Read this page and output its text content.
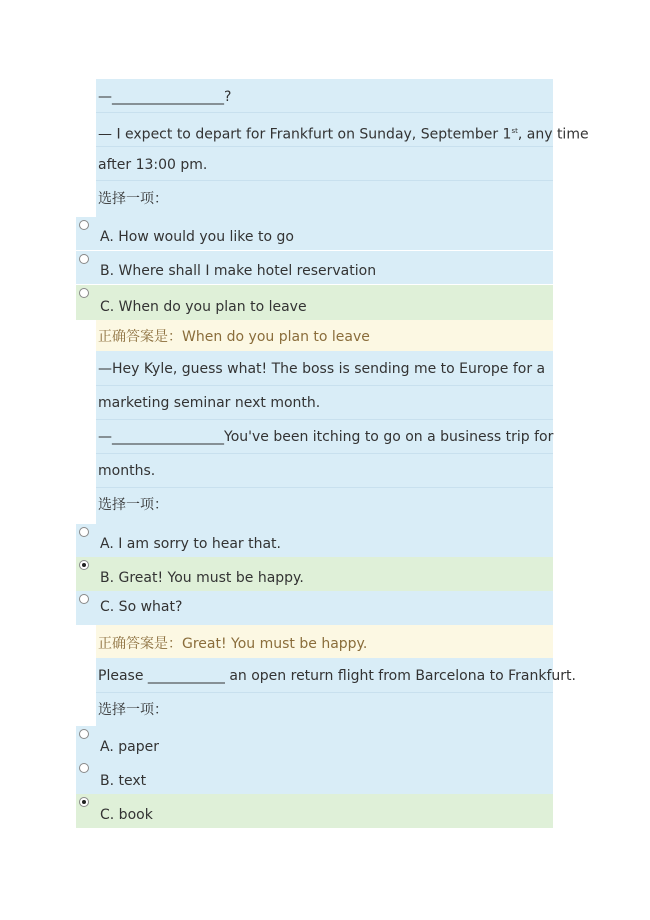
—________________?
— I expect to depart for Frankfurt on Sunday, September 1st, any time
after 13:00 pm.
选择一项：
A. How would you like to go
B. Where shall I make hotel reservation
C. When do you plan to leave
正确答案是：When do you plan to leave
—Hey Kyle, guess what! The boss is sending me to Europe for a
marketing seminar next month.
—________________You've been itching to go on a business trip for
months.
选择一项：
A. I am sorry to hear that.
B. Great! You must be happy.
C. So what?
正确答案是：Great! You must be happy.
Please ___________ an open return flight from Barcelona to Frankfurt.
选择一项：
A. paper
B. text
C. book
